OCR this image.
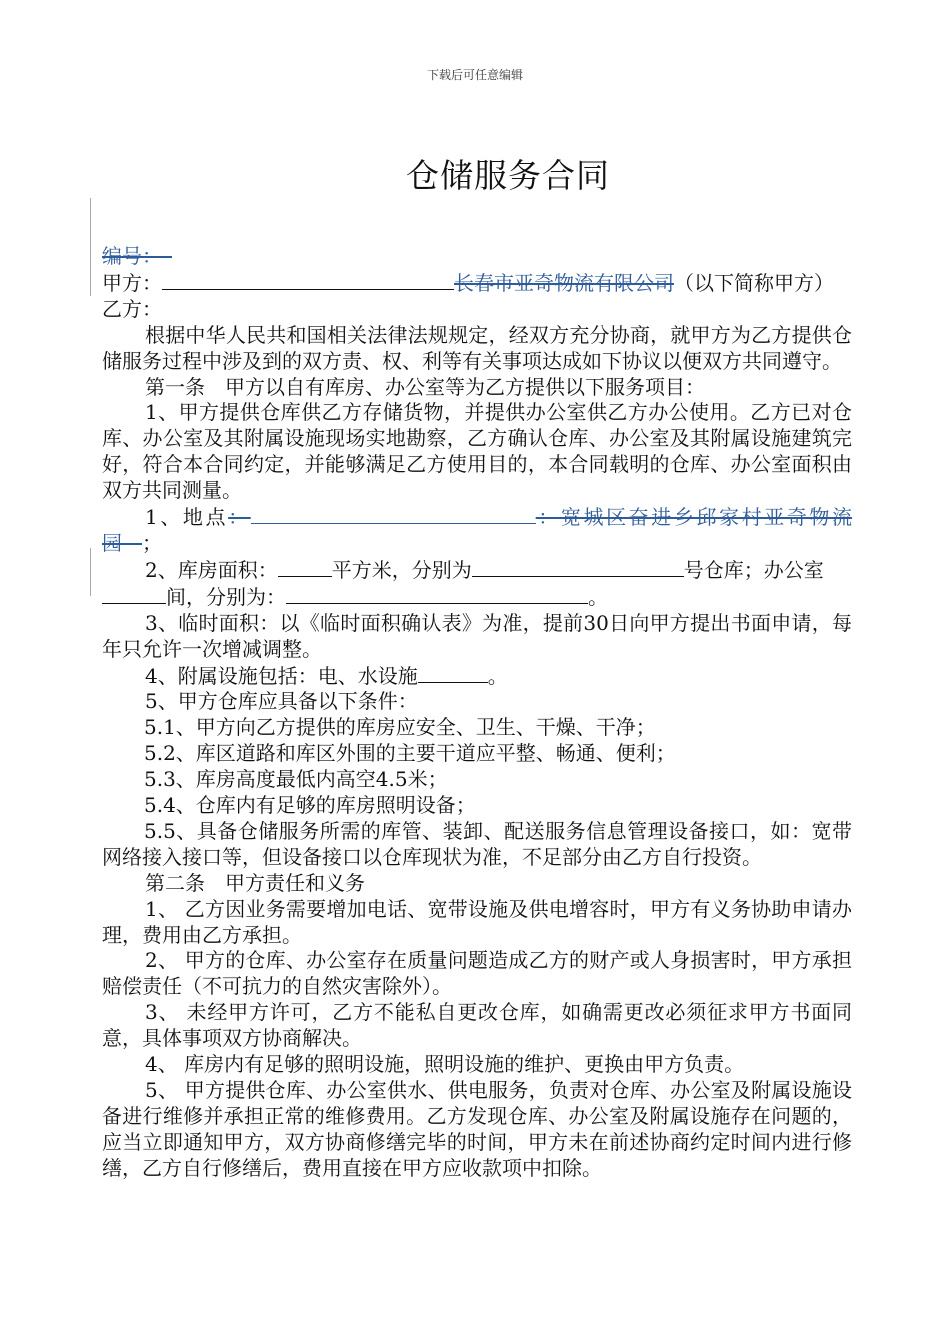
下载后可任意编辑
仓储服务合同

编号：　

甲方：	长春市亚奇物流有限公司（以下简称甲方）

乙方：

根据中华人民共和国相关法律法规规定，经双方充分协商，就甲方为乙方提供仓储服务过程中涉及到的双方责、权、利等有关事项达成如下协议以便双方共同遵守。

第一条　甲方以自有库房、办公室等为乙方提供以下服务项目：

1、甲方提供仓库供乙方存储货物，并提供办公室供乙方办公使用。乙方已对仓库、办公室及其附属设施现场实地勘察，乙方确认仓库、办公室及其附属设施建筑完好，符合本合同约定，并能够满足乙方使用目的，本合同载明的仓库、办公室面积由双方共同测量。

1、地点：	：宽城区奋进乡邱家村亚奇物流园　 ；

2、库房面积：	平方米，分别为	号仓库；办公室间，分别为：	。

3、临时面积：以《临时面积确认表》为准，提前30日向甲方提出书面申请，每年只允许一次增减调整。

4、附属设施包括：电、水设施	。

5、甲方仓库应具备以下条件：

5.1、甲方向乙方提供的库房应安全、卫生、干燥、干净；

5.2、库区道路和库区外围的主要干道应平整、畅通、便利；

5.3、库房高度最低内高空4.5米；

5.4、仓库内有足够的库房照明设备；

5.5、具备仓储服务所需的库管、装卸、配送服务信息管理设备接口，如：宽带网络接入接口等，但设备接口以仓库现状为准，不足部分由乙方自行投资。

第二条　甲方责任和义务

1、 乙方因业务需要增加电话、宽带设施及供电增容时，甲方有义务协助申请办理，费用由乙方承担。

2、 甲方的仓库、办公室存在质量问题造成乙方的财产或人身损害时，甲方承担赔偿责任（不可抗力的自然灾害除外）。

3、 未经甲方许可，乙方不能私自更改仓库，如确需更改必须征求甲方书面同意，具体事项双方协商解决。

4、 库房内有足够的照明设施，照明设施的维护、更换由甲方负责。

5、 甲方提供仓库、办公室供水、供电服务，负责对仓库、办公室及附属设施设备进行维修并承担正常的维修费用。乙方发现仓库、办公室及附属设施存在问题的，应当立即通知甲方，双方协商修缮完毕的时间，甲方未在前述协商约定时间内进行修缮，乙方自行修缮后，费用直接在甲方应收款项中扣除。
